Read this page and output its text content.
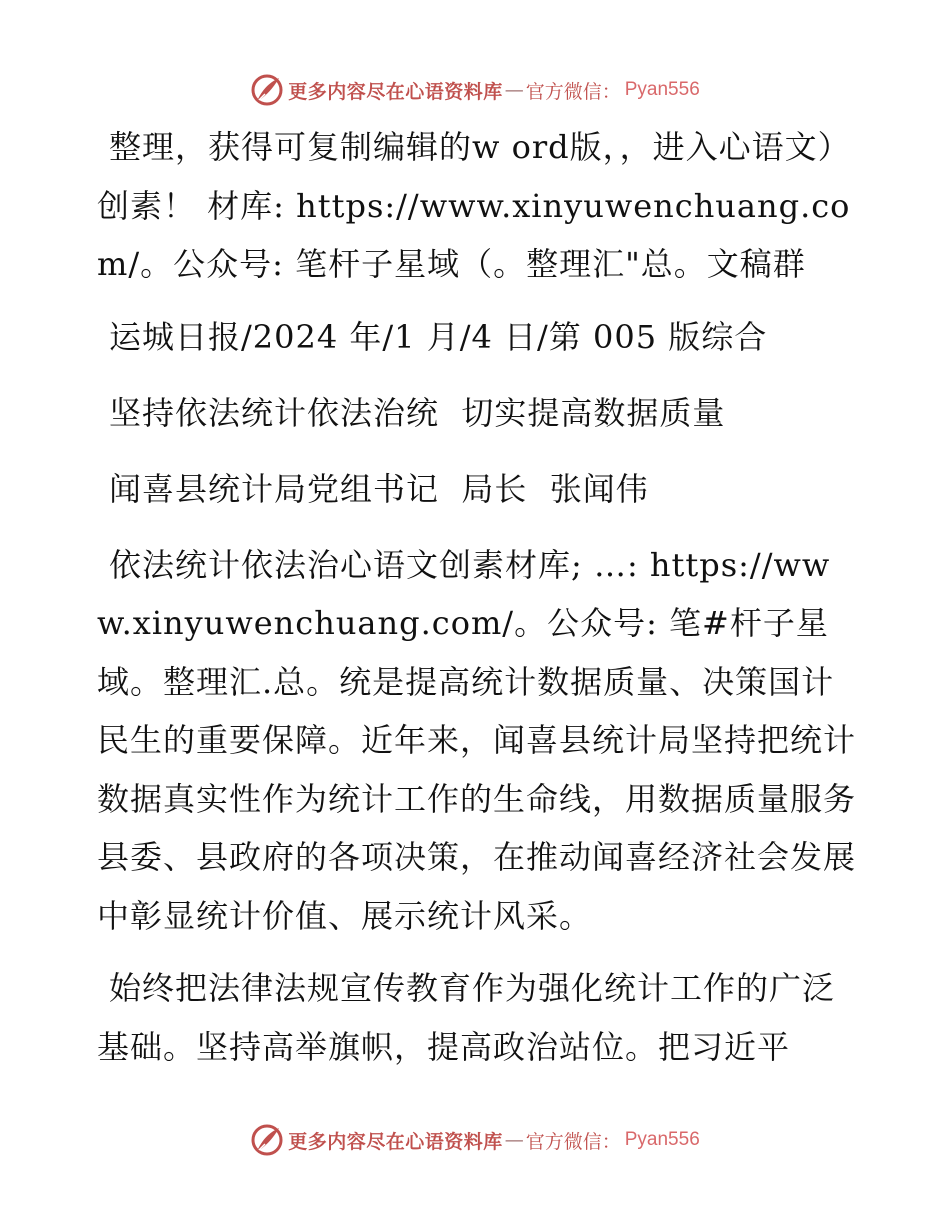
更多内容尽在心语资料库 — 官方微信： Pyan556

整理，获得可复制编辑的w ord版，，进入心语文）创素！ 材库: https://www.xinyuwenchuang.com/。公众号: 笔杆子星域（。整理汇"总。文稿群

运城日报/2024 年/1 月/4 日/第 005 版综合

坚持依法统计依法治统  切实提高数据质量

闻喜县统计局党组书记  局长  张闻伟

依法统计依法治心语文创素材库; …: https://www.xinyuwenchuang.com/。公众号: 笔#杆子星域。整理汇.总。统是提高统计数据质量、决策国计民生的重要保障。近年来，闻喜县统计局坚持把统计数据真实性作为统计工作的生命线，用数据质量服务县委、县政府的各项决策，在推动闻喜经济社会发展中彰显统计价值、展示统计风采。

始终把法律法规宣传教育作为强化统计工作的广泛基础。坚持高举旗帜，提高政治站位。把习近平

更多内容尽在心语资料库 — 官方微信： Pyan556
